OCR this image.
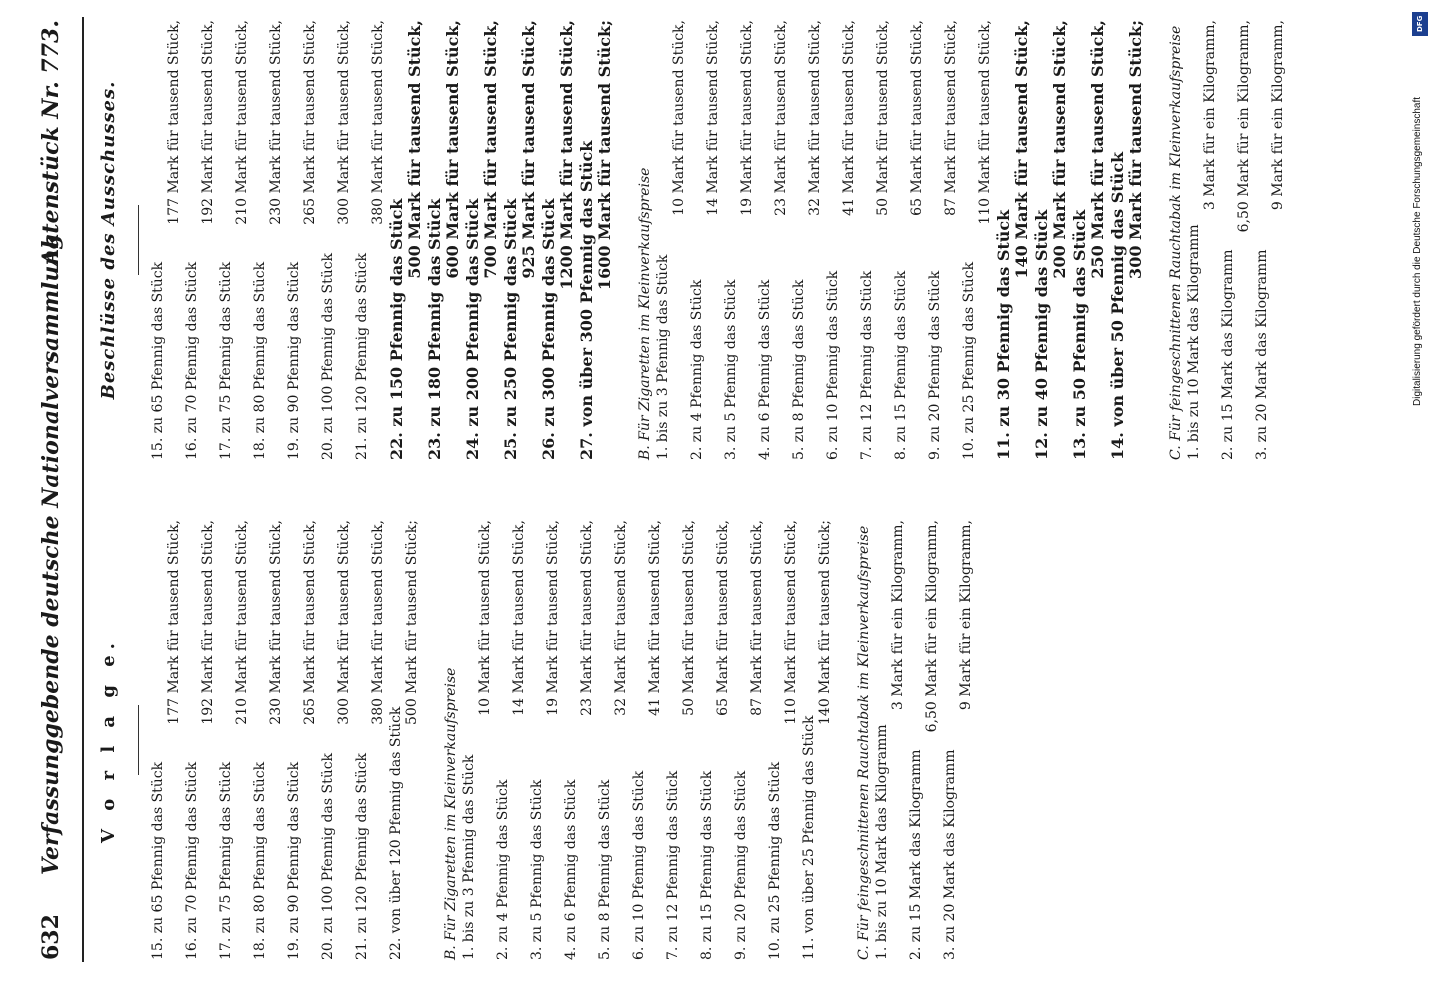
632
Verfassunggebende deutsche Nationalversammlung.
Aktenstück Nr. 773.
V o r l a g e.
15. zu 65 Pfennig das Stück
177 Mark für tausend Stück,
16. zu 70 Pfennig das Stück
192 Mark für tausend Stück,
17. zu 75 Pfennig das Stück
210 Mark für tausend Stück,
18. zu 80 Pfennig das Stück
230 Mark für tausend Stück,
19. zu 90 Pfennig das Stück
265 Mark für tausend Stück,
20. zu 100 Pfennig das Stück
300 Mark für tausend Stück,
21. zu 120 Pfennig das Stück
380 Mark für tausend Stück,
22. von über 120 Pfennig das Stück
500 Mark für tausend Stück;
B. Für Zigaretten im Kleinverkaufspreise 1. bis zu 3 Pfennig das Stück
10 Mark für tausend Stück,
2. zu 4 Pfennig das Stück
14 Mark für tausend Stück,
3. zu 5 Pfennig das Stück
19 Mark für tausend Stück,
4. zu 6 Pfennig das Stück
23 Mark für tausend Stück,
5. zu 8 Pfennig das Stück
32 Mark für tausend Stück,
6. zu 10 Pfennig das Stück
41 Mark für tausend Stück,
7. zu 12 Pfennig das Stück
50 Mark für tausend Stück,
8. zu 15 Pfennig das Stück
65 Mark für tausend Stück,
9. zu 20 Pfennig das Stück
87 Mark für tausend Stück,
10. zu 25 Pfennig das Stück
110 Mark für tausend Stück,
11. von über 25 Pfennig das Stück
140 Mark für tausend Stück; C. Für feingeschnittenen Rauchtabak im Kleinverkaufspreise 1. bis zu 10 Mark das Kilogramm
3 Mark für ein Kilogramm,
2. zu 15 Mark das Kilogramm
6,50 Mark für ein Kilogramm,
3. zu 20 Mark das Kilogramm
9 Mark für ein Kilogramm,
Beschlüsse des Ausschusses.	15. zu 65 Pfennig das Stück
177 Mark für tausend Stück,
16. zu 70 Pfennig das Stück
192 Mark für tausend Stück,
17. zu 75 Pfennig das Stück
210 Mark für tausend Stück,
18. zu 80 Pfennig das Stück
230 Mark für tausend Stück,
19. zu 90 Pfennig das Stück
265 Mark für tausend Stück,
20. zu 100 Pfennig das Stück
300 Mark für tausend Stück,
21. zu 120 Pfennig das Stück
380 Mark für tausend Stück,
22. zu 150 Pfennig das Stück
500 Mark für tausend Stück,
23. zu 180 Pfennig das Stück
600 Mark für tausend Stück,
24. zu 200 Pfennig das Stück
700 Mark für tausend Stück,
25. zu 250 Pfennig das Stück
925 Mark für tausend Stück,
26. zu 300 Pfennig das Stück
1200 Mark für tausend Stück, 27. von über 300 Pfennig das Stück 1600 Mark für tausend Stück;
B. Für Zigaretten im Kleinverkaufspreise 1. bis zu 3 Pfennig das Stück
10 Mark für tausend Stück,
2. zu 4 Pfennig das Stück
14 Mark für tausend Stück,
3. zu 5 Pfennig das Stück
19 Mark für tausend Stück,
4. zu 6 Pfennig das Stück
23 Mark für tausend Stück,
5. zu 8 Pfennig das Stück
32 Mark für tausend Stück,
6. zu 10 Pfennig das Stück
41 Mark für tausend Stück,
7. zu 12 Pfennig das Stück
50 Mark für tausend Stück,
8. zu 15 Pfennig das Stück
65 Mark für tausend Stück,
9. zu 20 Pfennig das Stück
87 Mark für tausend Stück,
10. zu 25 Pfennig das Stück
110 Mark für tausend Stück,
11. zu 30 Pfennig das Stück
140 Mark für tausend Stück,
12. zu 40 Pfennig das Stück
200 Mark für tausend Stück,
13. zu 50 Pfennig das Stück
250 Mark für tausend Stück,
14. von über 50 Pfennig das Stück
300 Mark für tausend Stück; C. Für feingeschnittenen Rauchtabak im Kleinverkaufspreise 1. bis zu 10 Mark das Kilogramm
3 Mark für ein Kilogramm,
2. zu 15 Mark das Kilogramm
6,50 Mark für ein Kilogramm,
3. zu 20 Mark das Kilogramm
9 Mark für ein Kilogramm,	DFG
Digitalisierung gefördert durch die Deutsche Forschungsgemeinschaft
